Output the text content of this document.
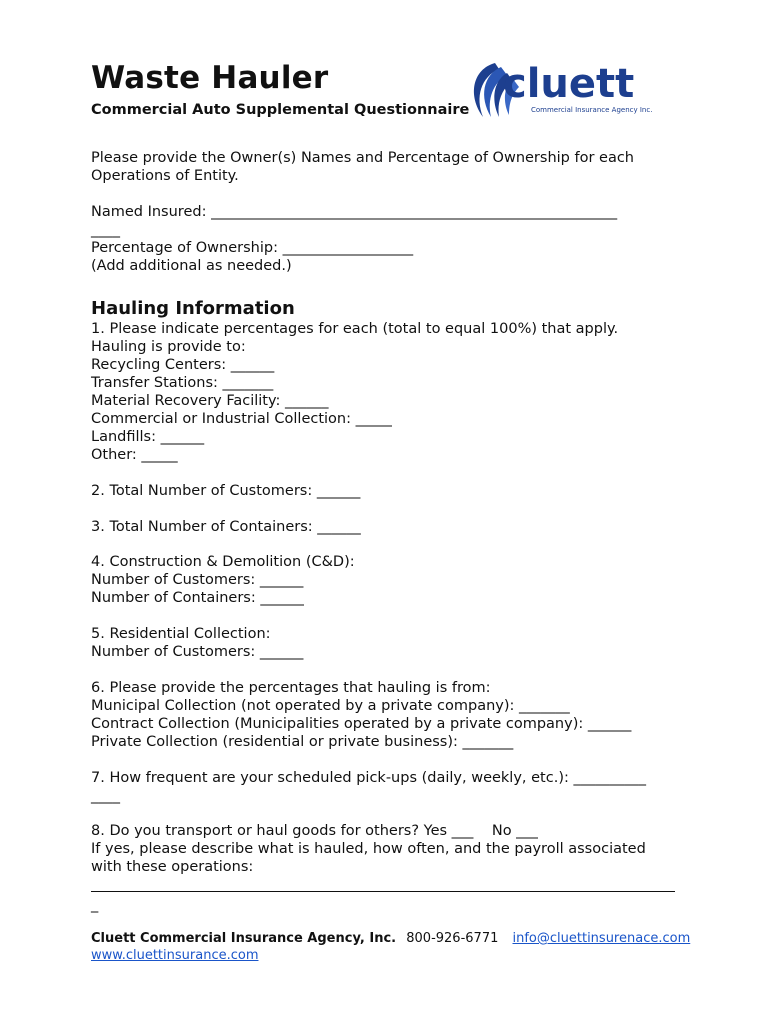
Waste Hauler
Commercial Auto Supplemental Questionnaire
cluett
Commercial Insurance Agency Inc.
Please provide the Owner(s) Names and Percentage of Ownership for each
Operations of Entity.
Named Insured: ________________________________________________________
____
Percentage of Ownership: __________________
(Add additional as needed.)
Hauling Information
1. Please indicate percentages for each (total to equal 100%) that apply.
Hauling is provide to:
Recycling Centers: ______
Transfer Stations: _______
Material Recovery Facility: ______
Commercial or Industrial Collection: _____
Landfills: ______
Other: _____
2. Total Number of Customers: ______
3. Total Number of Containers: ______
4. Construction & Demolition (C&D):
Number of Customers: ______
Number of Containers: ______
5. Residential Collection:
Number of Customers: ______
6. Please provide the percentages that hauling is from:
Municipal Collection (not operated by a private company): _______
Contract Collection (Municipalities operated by a private company): ______
Private Collection (residential or private business): _______
7. How frequent are your scheduled pick-ups (daily, weekly, etc.): __________
____
8. Do you transport or haul goods for others? Yes ___    No ___
If yes, please describe what is hauled, how often, and the payroll associated
with these operations:
_
Cluett Commercial Insurance Agency, Inc. 800-926-6771 info@cluettinsurenace.com
www.cluettinsurance.com
